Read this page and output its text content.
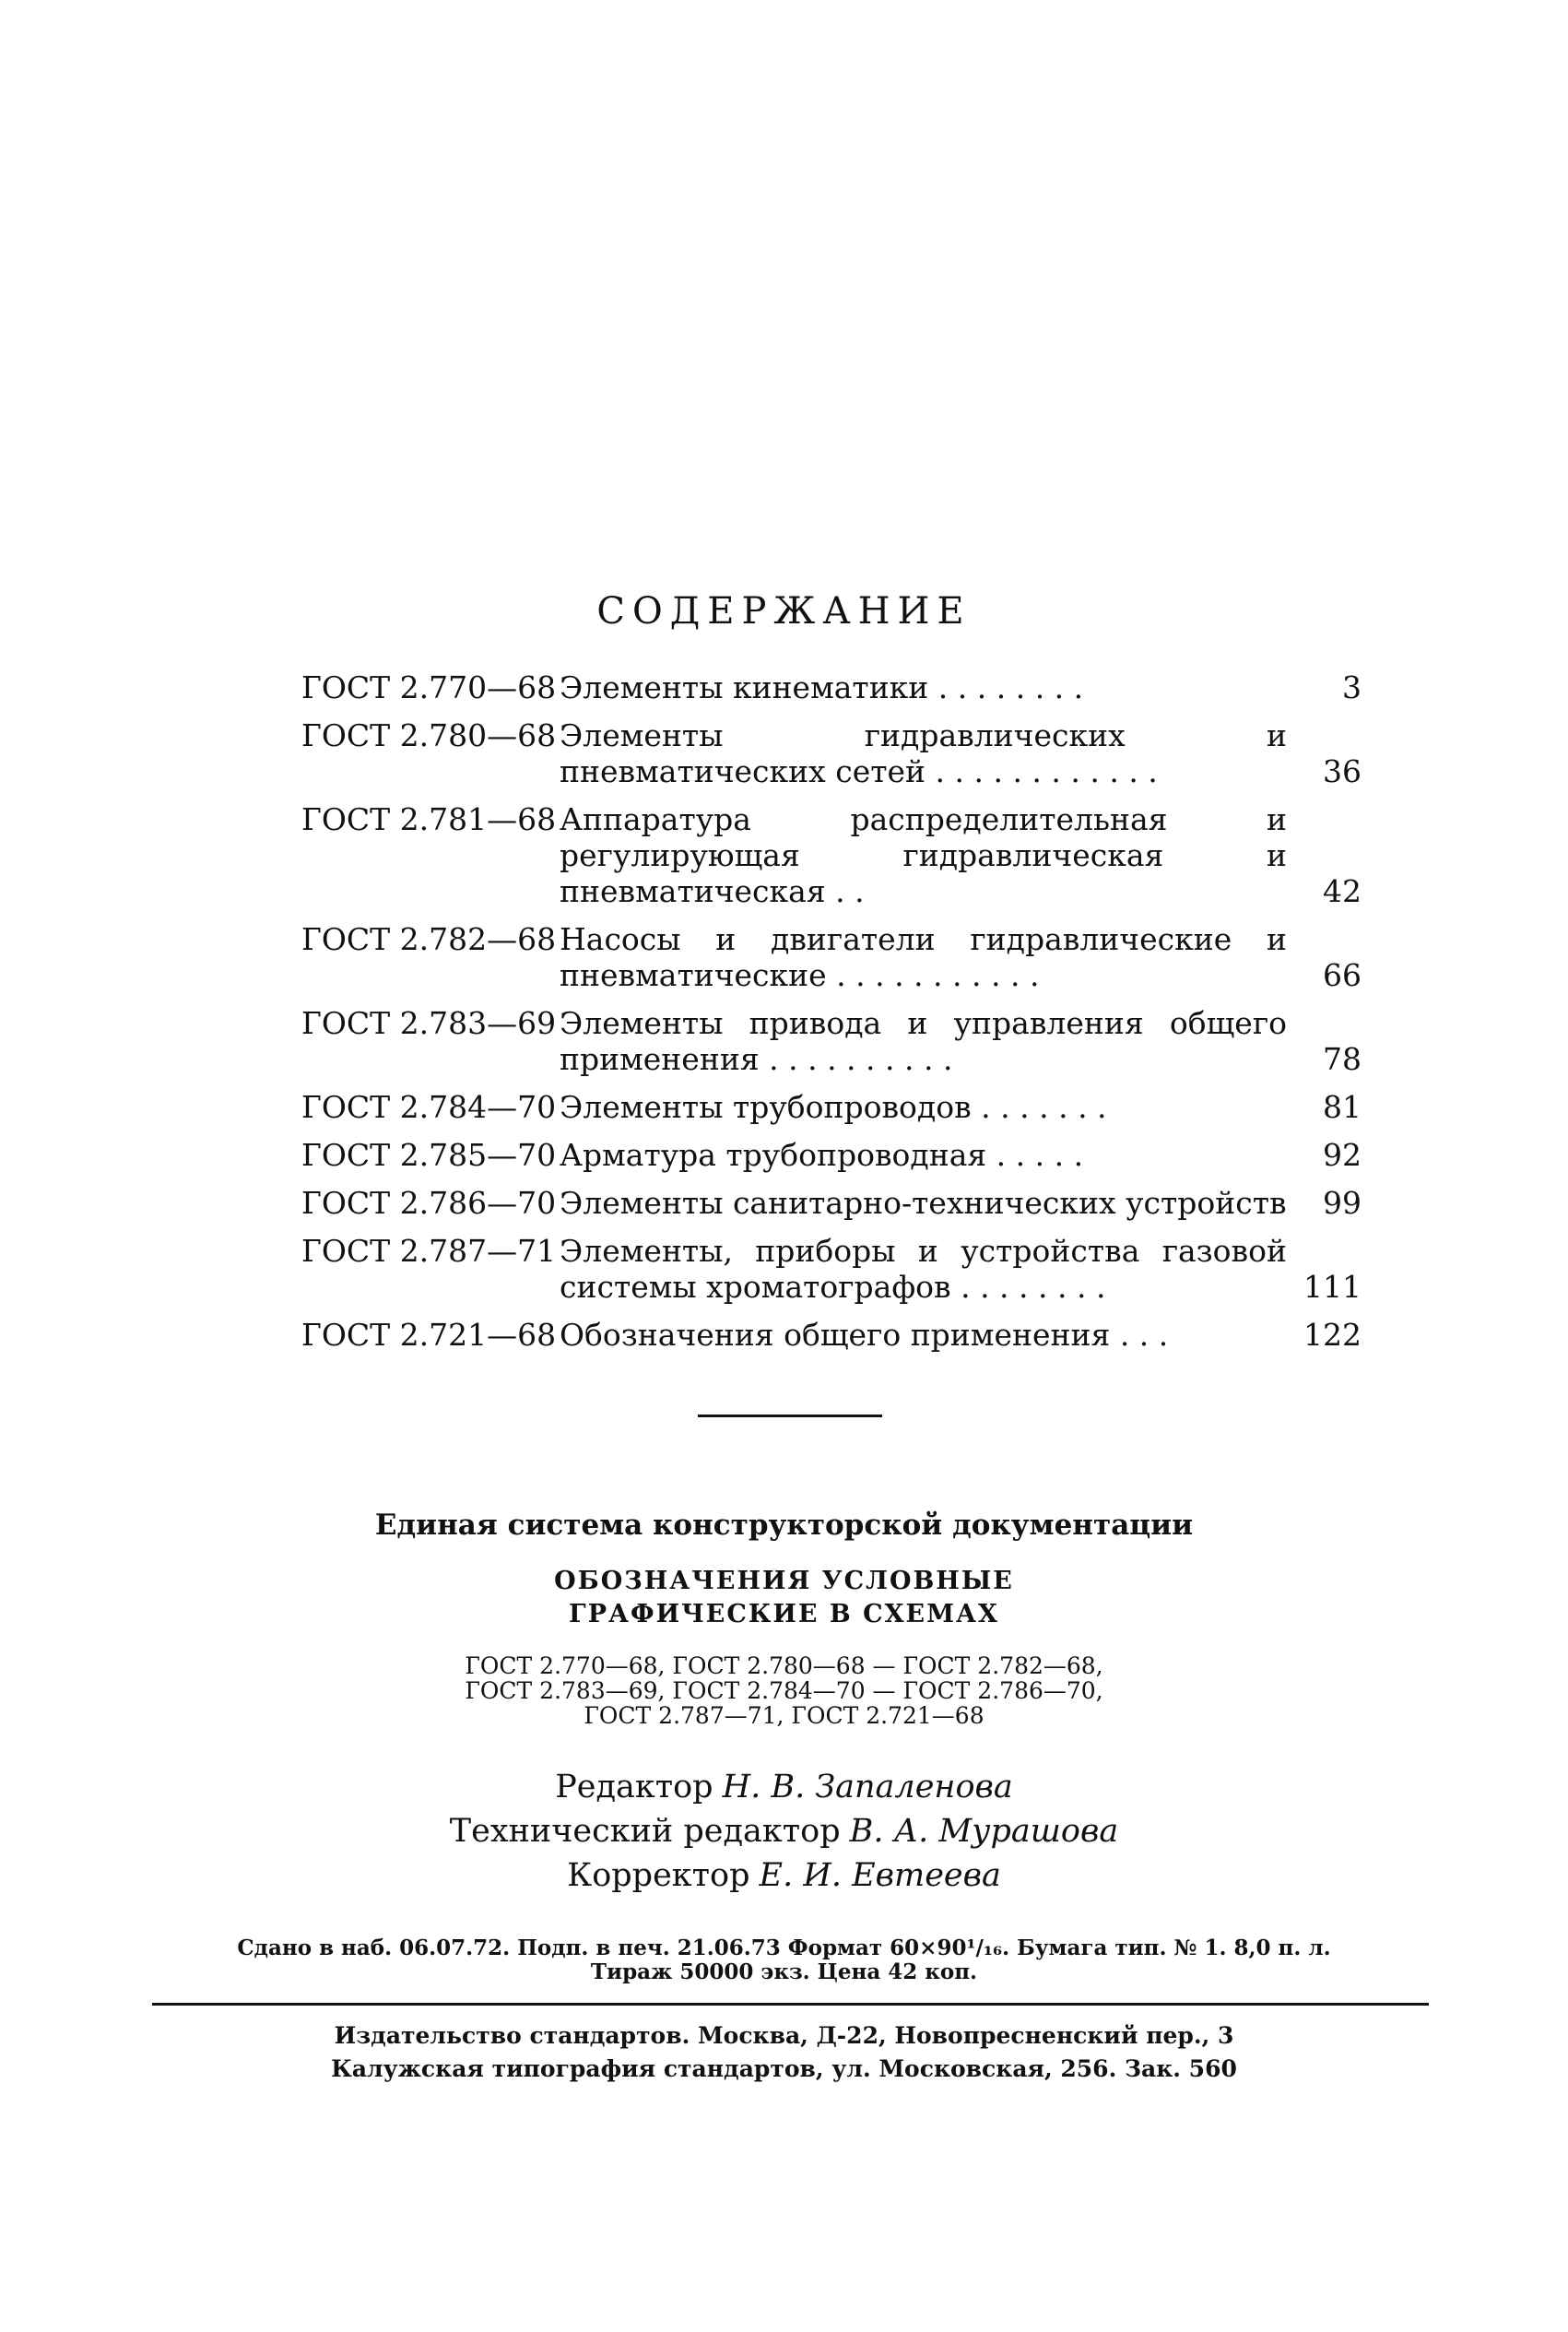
СОДЕРЖАНИЕ
ГОСТ 2.770—68 Элементы кинематики . . . . . . . .	3
ГОСТ 2.780—68 Элементы гидравлических и пневматических сетей . . . . . . . . . . . .	36
ГОСТ 2.781—68 Аппаратура распределительная и регулирующая гидравлическая и пневматическая . .	42
ГОСТ 2.782—68 Насосы и двигатели гидравлические и пневматические . . . . . . . . . . .	66
ГОСТ 2.783—69 Элементы привода и управления общего применения . . . . . . . . . .	78
ГОСТ 2.784—70 Элементы трубопроводов . . . . . . .	81
ГОСТ 2.785—70 Арматура трубопроводная . . . . .	92
ГОСТ 2.786—70 Элементы санитарно-технических устройств	99
ГОСТ 2.787—71 Элементы, приборы и устройства газовой системы хроматографов . . . . . . . .	111
ГОСТ 2.721—68 Обозначения общего применения . . .	122
Единая система конструкторской документации
ОБОЗНАЧЕНИЯ УСЛОВНЫЕ
ГРАФИЧЕСКИЕ В СХЕМАХ
ГОСТ 2.770—68, ГОСТ 2.780—68 — ГОСТ 2.782—68,
ГОСТ 2.783—69, ГОСТ 2.784—70 — ГОСТ 2.786—70,
ГОСТ 2.787—71, ГОСТ 2.721—68
Редактор Н. В. Запаленова
Технический редактор В. А. Мурашова
Корректор Е. И. Евтеева
Сдано в наб. 06.07.72. Подп. в печ. 21.06.73 Формат 60×90¹/₁₆. Бумага тип. № 1. 8,0 п. л.
Тираж 50000 экз. Цена 42 коп.
Издательство стандартов. Москва, Д-22, Новопресненский пер., 3
Калужская типография стандартов, ул. Московская, 256. Зак. 560
